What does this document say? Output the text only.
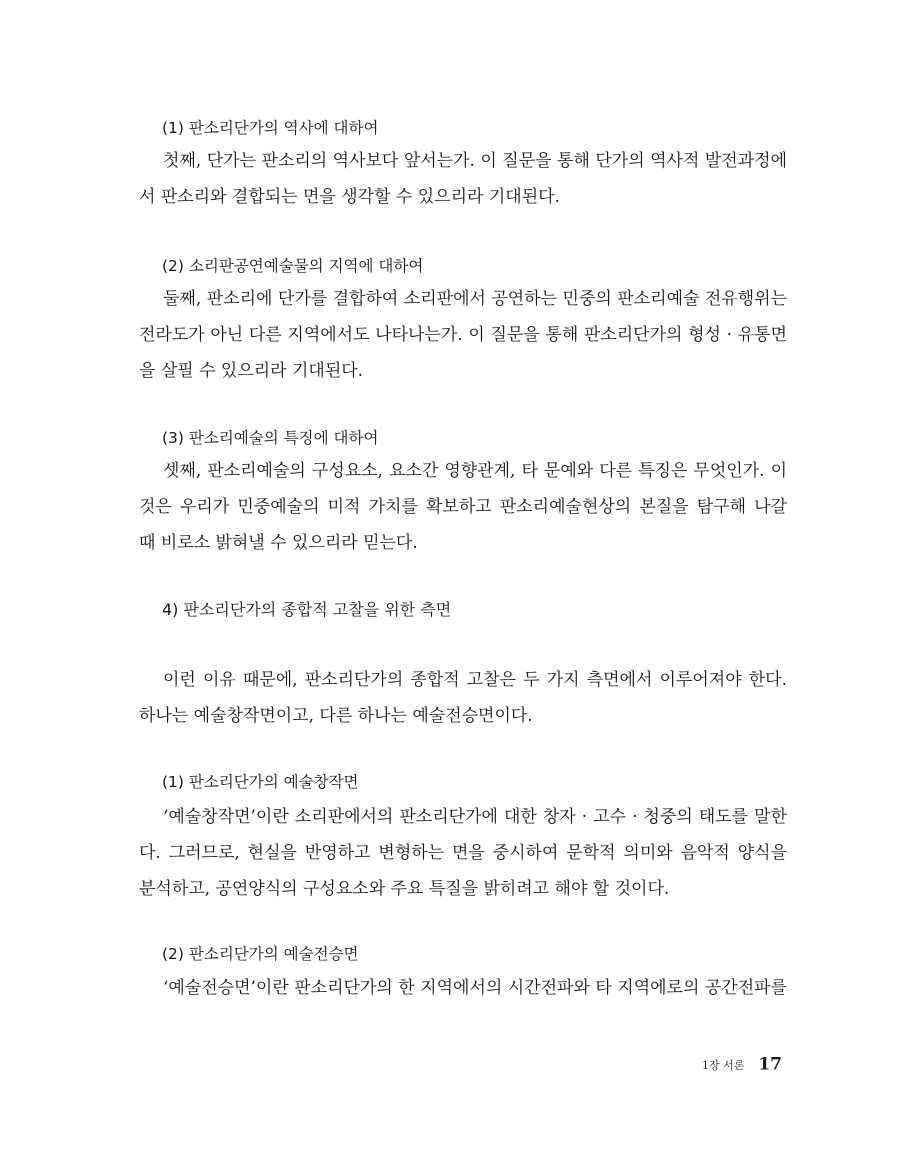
(1) 판소리단가의 역사에 대하여
첫째, 단가는 판소리의 역사보다 앞서는가. 이 질문을 통해 단가의 역사적 발전과정에
서 판소리와 결합되는 면을 생각할 수 있으리라 기대된다.
(2) 소리판공연예술물의 지역에 대하여
둘째, 판소리에 단가를 결합하여 소리판에서 공연하는 민중의 판소리예술 전유행위는
전라도가 아닌 다른 지역에서도 나타나는가. 이 질문을 통해 판소리단가의 형성 · 유통면
을 살필 수 있으리라 기대된다.
(3) 판소리예술의 특징에 대하여
셋째, 판소리예술의 구성요소, 요소간 영향관계, 타 문예와 다른 특징은 무엇인가. 이
것은 우리가 민중예술의 미적 가치를 확보하고 판소리예술현상의 본질을 탐구해 나갈
때 비로소 밝혀낼 수 있으리라 믿는다.
4) 판소리단가의 종합적 고찰을 위한 측면
이런 이유 때문에, 판소리단가의 종합적 고찰은 두 가지 측면에서 이루어져야 한다.
하나는 예술창작면이고, 다른 하나는 예술전승면이다.
(1) 판소리단가의 예술창작면
‘예술창작면’이란 소리판에서의 판소리단가에 대한 창자 · 고수 · 청중의 태도를 말한
다. 그러므로, 현실을 반영하고 변형하는 면을 중시하여 문학적 의미와 음악적 양식을
분석하고, 공연양식의 구성요소와 주요 특질을 밝히려고 해야 할 것이다.
(2) 판소리단가의 예술전승면
‘예술전승면’이란 판소리단가의 한 지역에서의 시간전파와 타 지역에로의 공간전파를
1장 서론 17
